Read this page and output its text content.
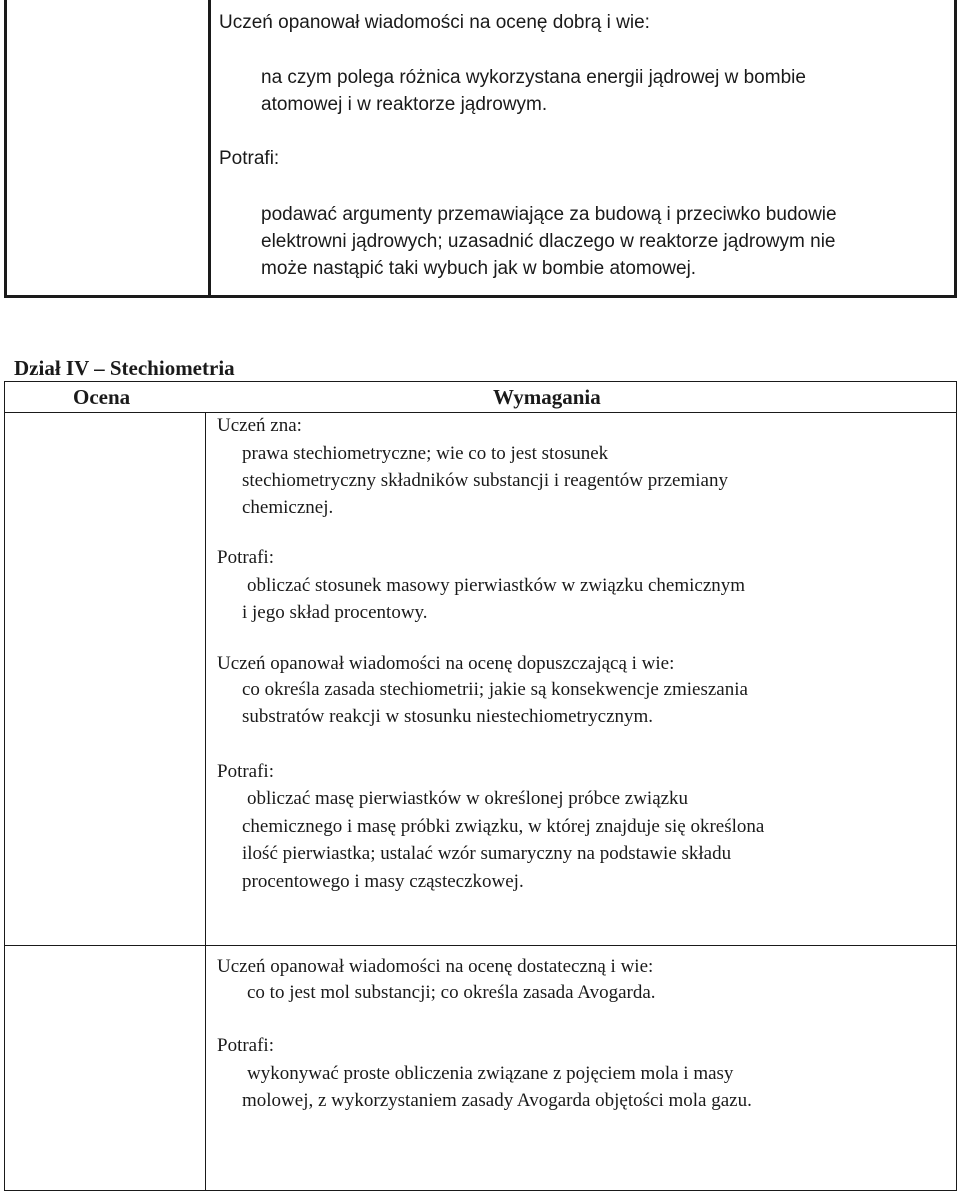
Uczeń opanował wiadomości na ocenę dobrą i wie:
na czym polega różnica wykorzystana energii jądrowej w bombie
atomowej i w reaktorze jądrowym.
Potrafi:
podawać argumenty przemawiające za budową i przeciwko budowie
elektrowni jądrowych; uzasadnić dlaczego w reaktorze jądrowym nie
może nastąpić taki wybuch jak w bombie atomowej.
Dział IV – Stechiometria
Ocena	Wymagania
Uczeń zna:
prawa stechiometryczne; wie co to jest stosunek
stechiometryczny składników substancji i reagentów przemiany
chemicznej.
Potrafi:
obliczać stosunek masowy pierwiastków w związku chemicznym
i jego skład procentowy.
Uczeń opanował wiadomości na ocenę dopuszczającą i wie:
co określa zasada stechiometrii; jakie są konsekwencje zmieszania
substratów reakcji w stosunku niestechiometrycznym.
Potrafi:
obliczać masę pierwiastków w określonej próbce związku
chemicznego i masę próbki związku, w której znajduje się określona
ilość pierwiastka; ustalać wzór sumaryczny na podstawie składu
procentowego i masy cząsteczkowej.
Uczeń opanował wiadomości na ocenę dostateczną i wie:
co to jest mol substancji; co określa zasada Avogarda.
Potrafi:
wykonywać proste obliczenia związane z pojęciem mola i masy
molowej, z wykorzystaniem zasady Avogarda objętości mola gazu.
